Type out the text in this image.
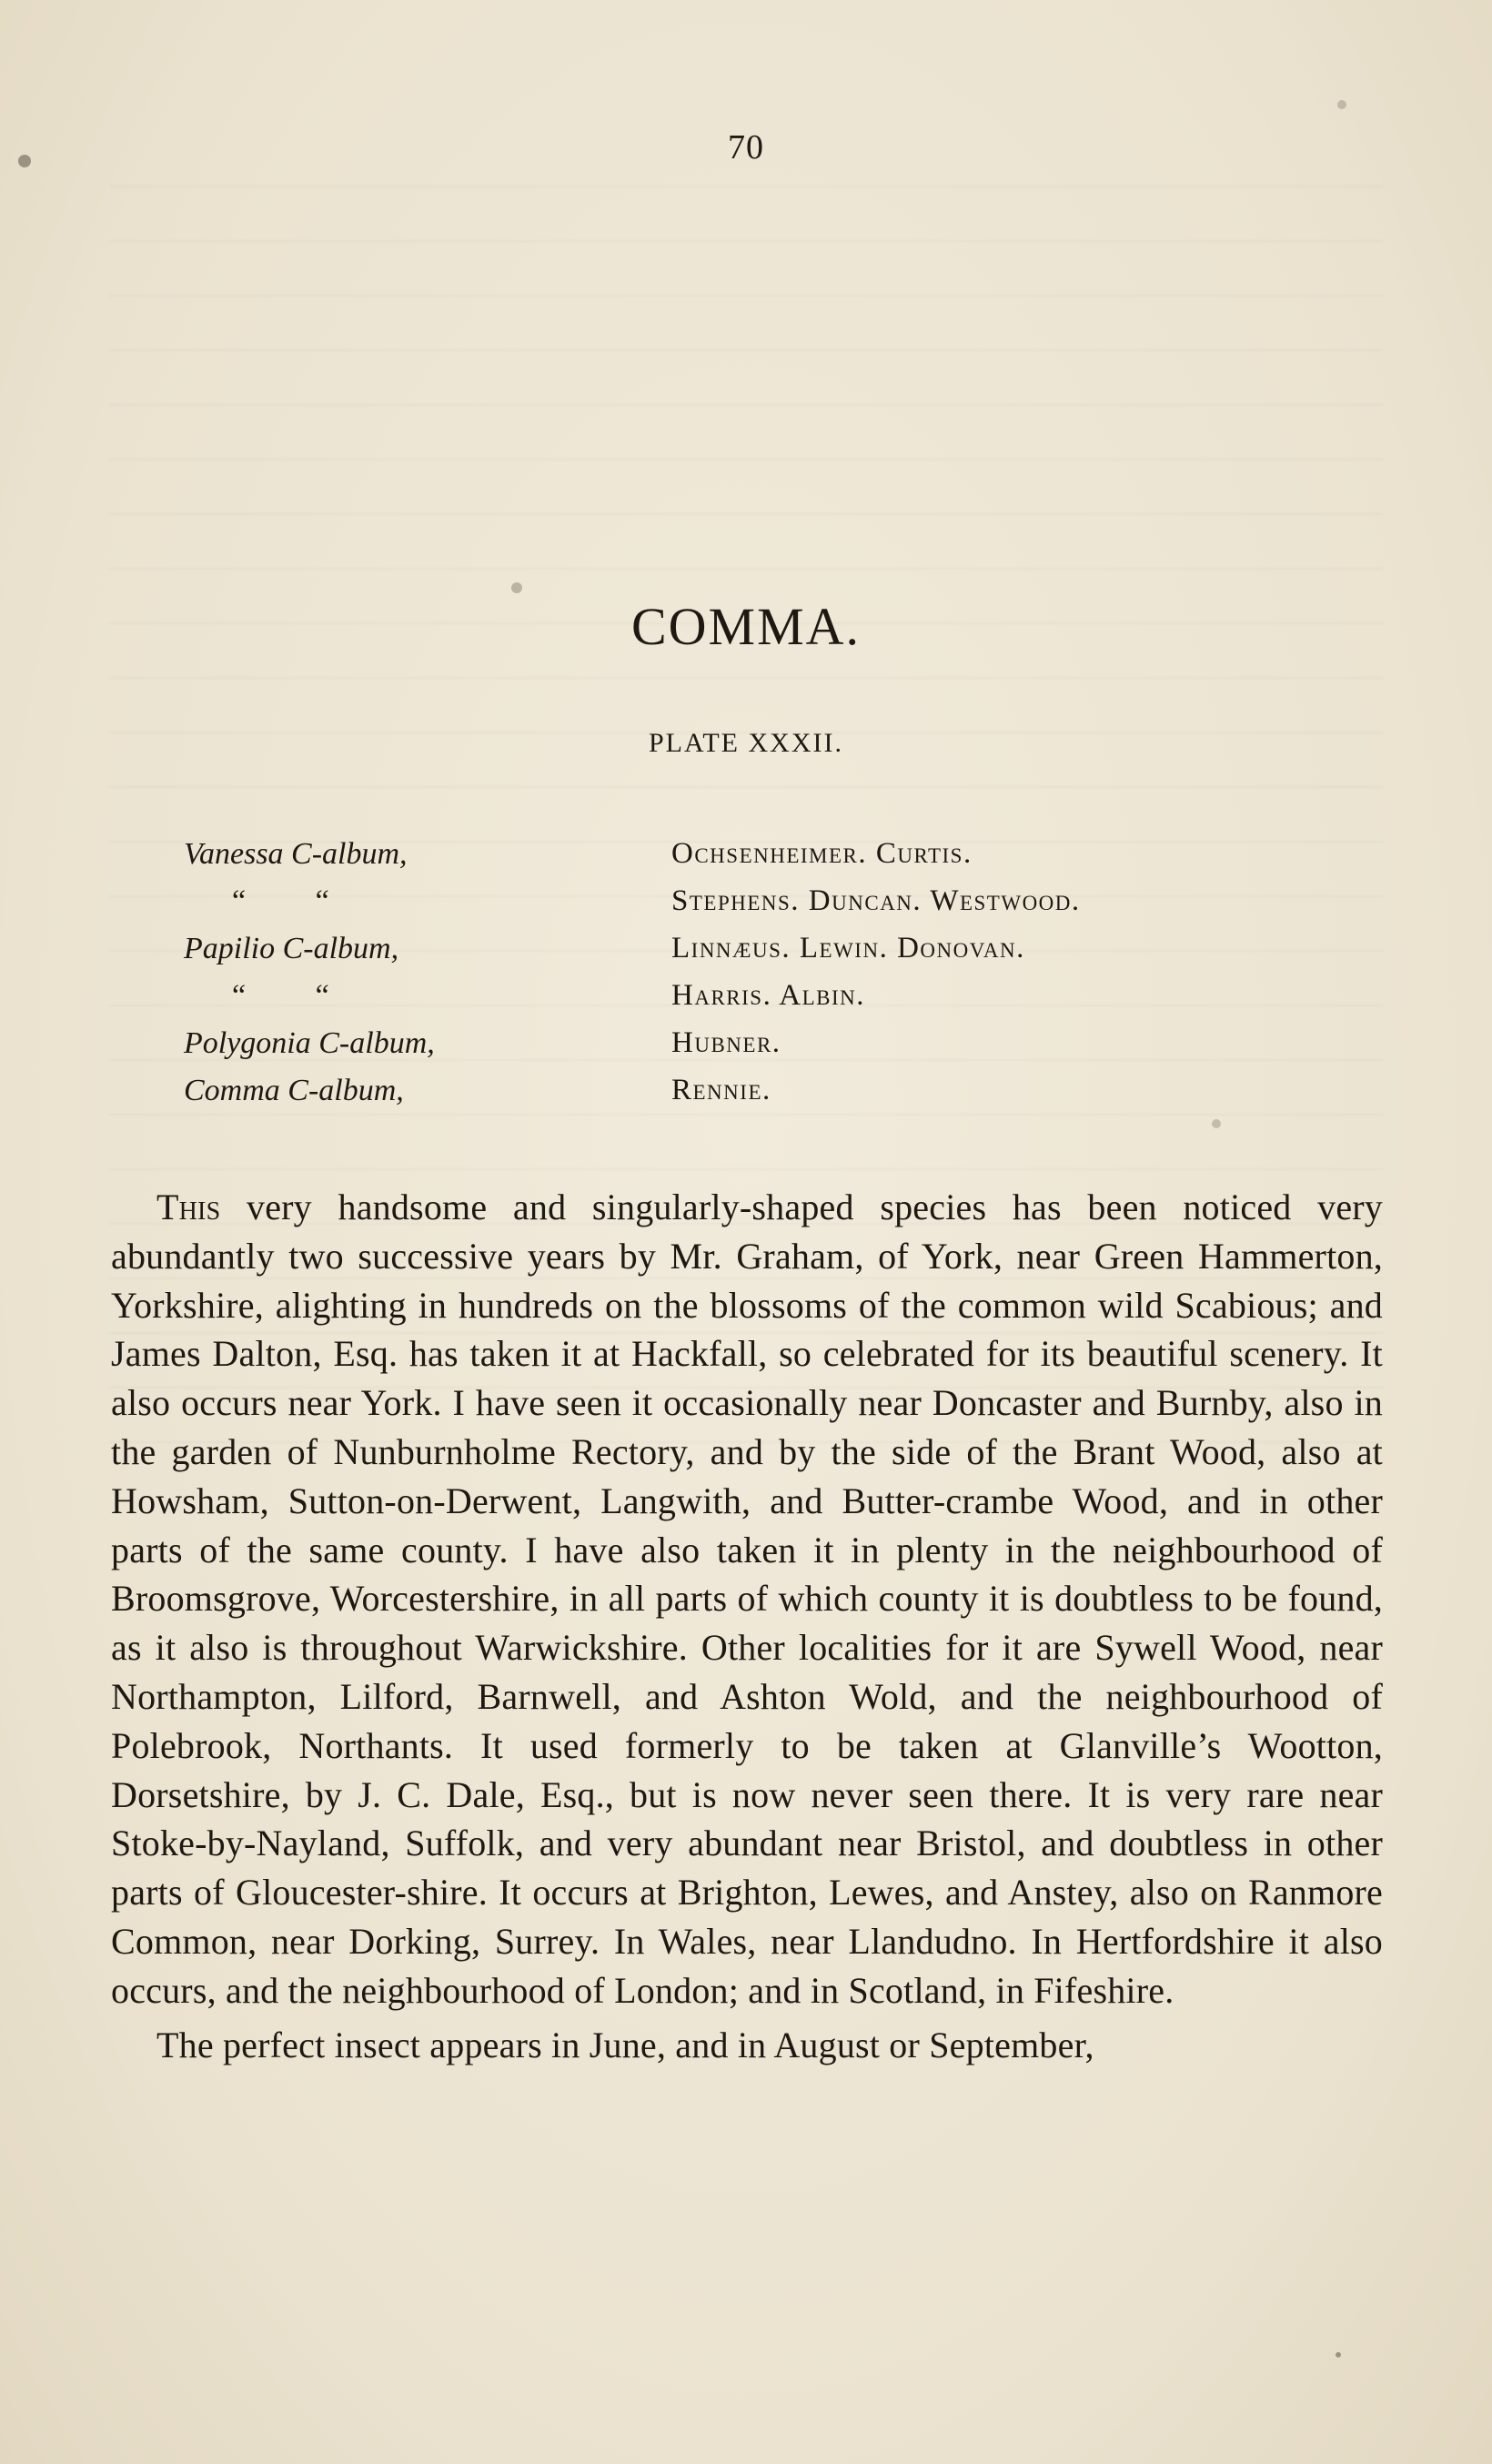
70
COMMA.
PLATE XXXII.
Vanessa C-album,	Ochsenheimer. Curtis.
“         “	Stephens. Duncan. Westwood.
Papilio C-album,	Linnæus. Lewin. Donovan.
“         “	Harris. Albin.
Polygonia C-album,	Hubner.
Comma C-album,	Rennie.

This very handsome and singularly-shaped species has been noticed very abundantly two successive years by Mr. Graham, of York, near Green Hammerton, Yorkshire, alighting in hundreds on the blossoms of the common wild Scabious; and James Dalton, Esq. has taken it at Hackfall, so celebrated for its beautiful scenery. It also occurs near York. I have seen it occasionally near Doncaster and Burnby, also in the garden of Nunburnholme Rectory, and by the side of the Brant Wood, also at Howsham, Sutton-on-Derwent, Langwith, and Butter-crambe Wood, and in other parts of the same county. I have also taken it in plenty in the neighbourhood of Broomsgrove, Worcestershire, in all parts of which county it is doubtless to be found, as it also is throughout Warwickshire. Other localities for it are Sywell Wood, near Northampton, Lilford, Barnwell, and Ashton Wold, and the neighbourhood of Polebrook, Northants. It used formerly to be taken at Glanville’s Wootton, Dorsetshire, by J. C. Dale, Esq., but is now never seen there. It is very rare near Stoke-by-Nayland, Suffolk, and very abundant near Bristol, and doubtless in other parts of Gloucester-shire. It occurs at Brighton, Lewes, and Anstey, also on Ranmore Common, near Dorking, Surrey. In Wales, near Llandudno. In Hertfordshire it also occurs, and the neighbourhood of London; and in Scotland, in Fifeshire.

The perfect insect appears in June, and in August or September,
